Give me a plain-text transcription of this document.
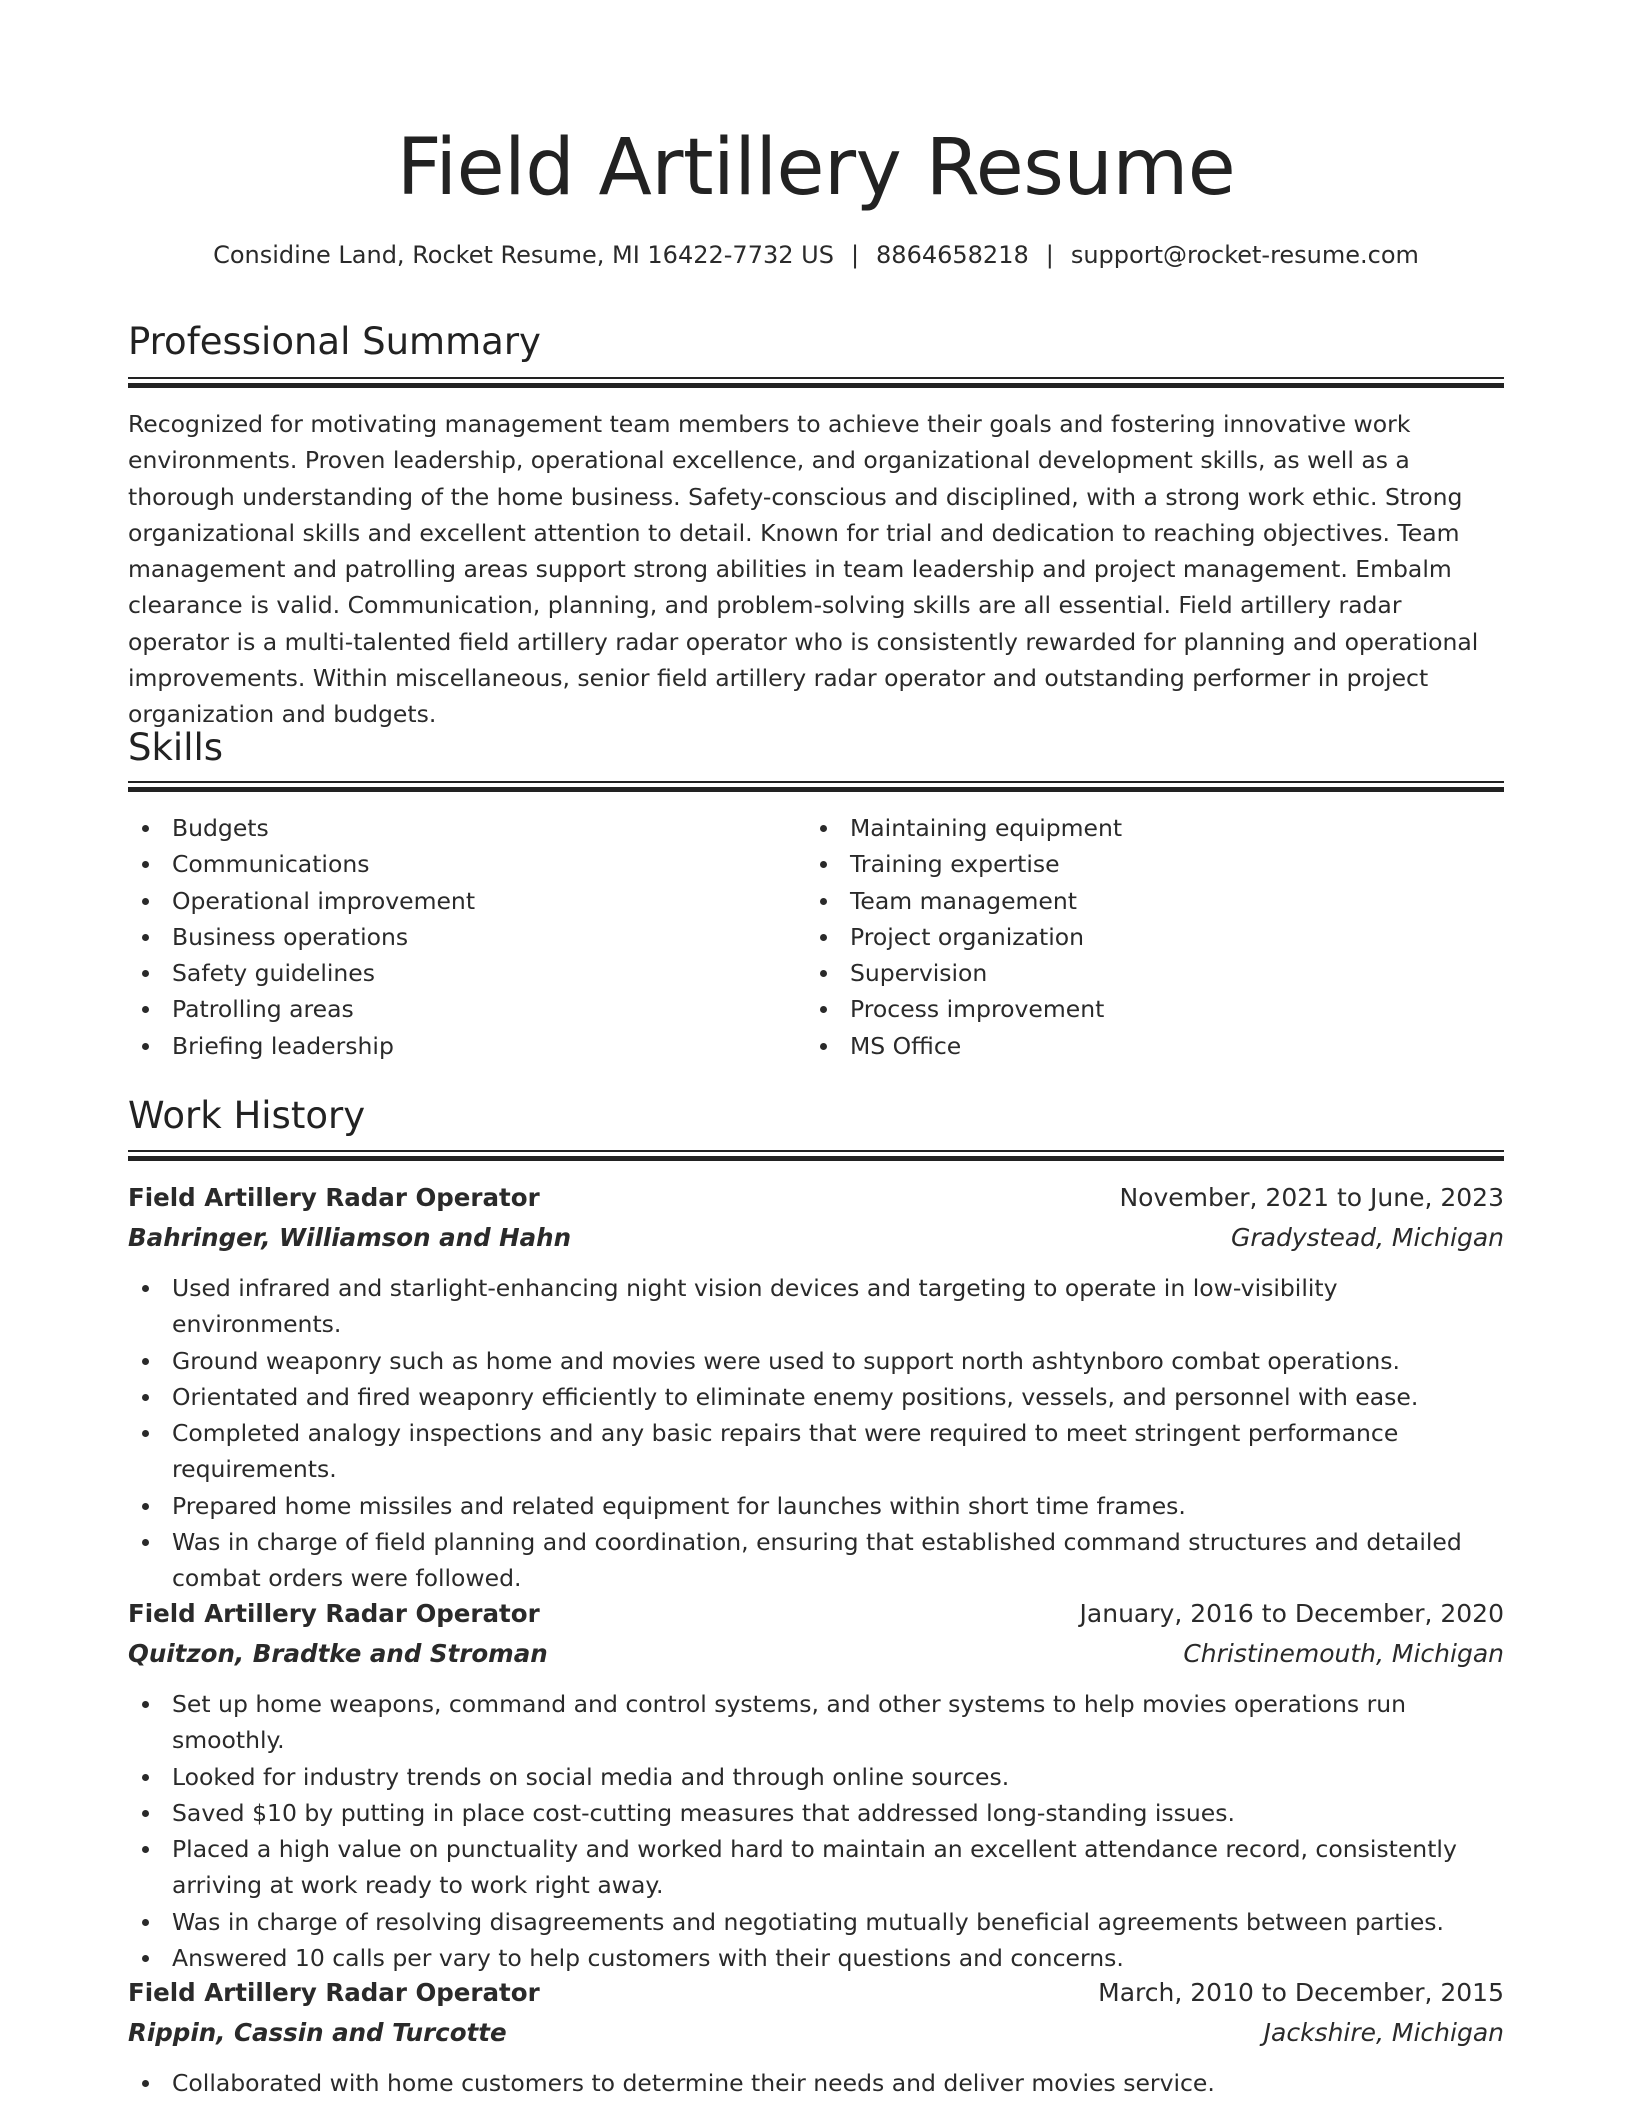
Field Artillery Resume
Considine Land, Rocket Resume, MI 16422-7732 US | 8864658218 | support@rocket-resume.com
Professional Summary

Recognized for motivating management team members to achieve their goals and fostering innovative work environments. Proven leadership, operational excellence, and organizational development skills, as well as a thorough understanding of the home business. Safety-conscious and disciplined, with a strong work ethic. Strong organizational skills and excellent attention to detail. Known for trial and dedication to reaching objectives. Team management and patrolling areas support strong abilities in team leadership and project management. Embalm clearance is valid. Communication, planning, and problem-solving skills are all essential. Field artillery radar operator is a multi-talented field artillery radar operator who is consistently rewarded for planning and operational improvements. Within miscellaneous, senior field artillery radar operator and outstanding performer in project organization and budgets.

Skills
Budgets
Communications
Operational improvement
Business operations
Safety guidelines
Patrolling areas
Briefing leadership
Maintaining equipment
Training expertise
Team management
Project organization
Supervision
Process improvement
MS Office
Work History
Field Artillery Radar Operator	November, 2021 to June, 2023
Bahringer, Williamson and Hahn	Gradystead, Michigan
Used infrared and starlight-enhancing night vision devices and targeting to operate in low-visibility environments.
Ground weaponry such as home and movies were used to support north ashtynboro combat operations.
Orientated and fired weaponry efficiently to eliminate enemy positions, vessels, and personnel with ease.
Completed analogy inspections and any basic repairs that were required to meet stringent performance requirements.
Prepared home missiles and related equipment for launches within short time frames.
Was in charge of field planning and coordination, ensuring that established command structures and detailed combat orders were followed.
Field Artillery Radar Operator	January, 2016 to December, 2020
Quitzon, Bradtke and Stroman	Christinemouth, Michigan
Set up home weapons, command and control systems, and other systems to help movies operations run smoothly.
Looked for industry trends on social media and through online sources.
Saved $10 by putting in place cost-cutting measures that addressed long-standing issues.
Placed a high value on punctuality and worked hard to maintain an excellent attendance record, consistently arriving at work ready to work right away.
Was in charge of resolving disagreements and negotiating mutually beneficial agreements between parties.
Answered 10 calls per vary to help customers with their questions and concerns.
Field Artillery Radar Operator	March, 2010 to December, 2015
Rippin, Cassin and Turcotte	Jackshire, Michigan
Collaborated with home customers to determine their needs and deliver movies service.
